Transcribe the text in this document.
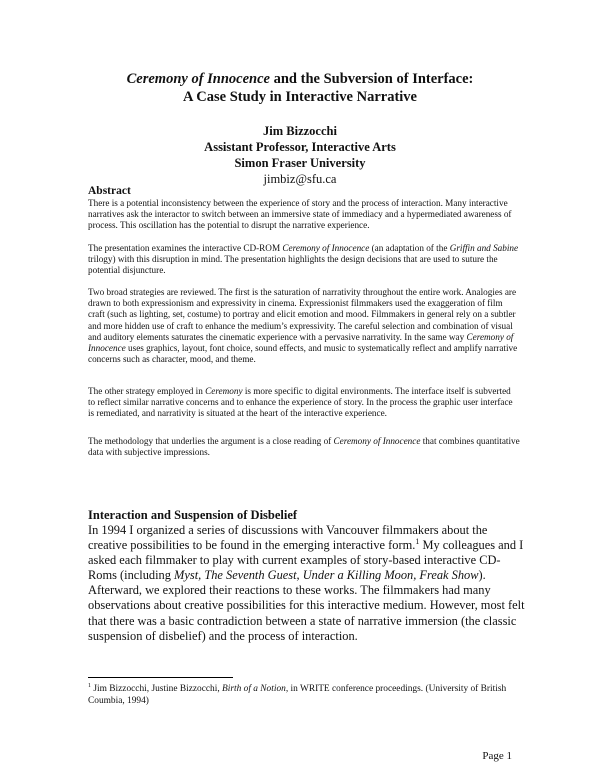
Ceremony of Innocence and the Subversion of Interface:
A Case Study in Interactive Narrative
Jim Bizzocchi
Assistant Professor, Interactive Arts
Simon Fraser University
jimbiz@sfu.ca
Abstract
There is a potential inconsistency between the experience of story and the process of interaction. Many interactive narratives ask the interactor to switch between an immersive state of immediacy and a hypermediated awareness of process. This oscillation has the potential to disrupt the narrative experience.
The presentation examines the interactive CD-ROM Ceremony of Innocence (an adaptation of the Griffin and Sabine trilogy) with this disruption in mind. The presentation highlights the design decisions that are used to suture the potential disjuncture.
Two broad strategies are reviewed. The first is the saturation of narrativity throughout the entire work. Analogies are drawn to both expressionism and expressivity in cinema. Expressionist filmmakers used the exaggeration of film craft (such as lighting, set, costume) to portray and elicit emotion and mood. Filmmakers in general rely on a subtler and more hidden use of craft to enhance the medium’s expressivity. The careful selection and combination of visual and auditory elements saturates the cinematic experience with a pervasive narrativity. In the same way Ceremony of Innocence uses graphics, layout, font choice, sound effects, and music to systematically reflect and amplify narrative concerns such as character, mood, and theme.
The other strategy employed in Ceremony is more specific to digital environments. The interface itself is subverted to reflect similar narrative concerns and to enhance the experience of story. In the process the graphic user interface is remediated, and narrativity is situated at the heart of the interactive experience.
The methodology that underlies the argument is a close reading of Ceremony of Innocence that combines quantitative data with subjective impressions.
Interaction and Suspension of Disbelief
In 1994 I organized a series of discussions with Vancouver filmmakers about the creative possibilities to be found in the emerging interactive form.$^1$ My colleagues and I asked each filmmaker to play with current examples of story-based interactive CD-Roms (including Myst, The Seventh Guest, Under a Killing Moon, Freak Show). Afterward, we explored their reactions to these works. The filmmakers had many observations about creative possibilities for this interactive medium. However, most felt that there was a basic contradiction between a state of narrative immersion (the classic suspension of disbelief) and the process of interaction.
$^1$ Jim Bizzocchi, Justine Bizzocchi, Birth of a Notion, in WRITE conference proceedings. (University of British Coumbia, 1994)
Page 1
